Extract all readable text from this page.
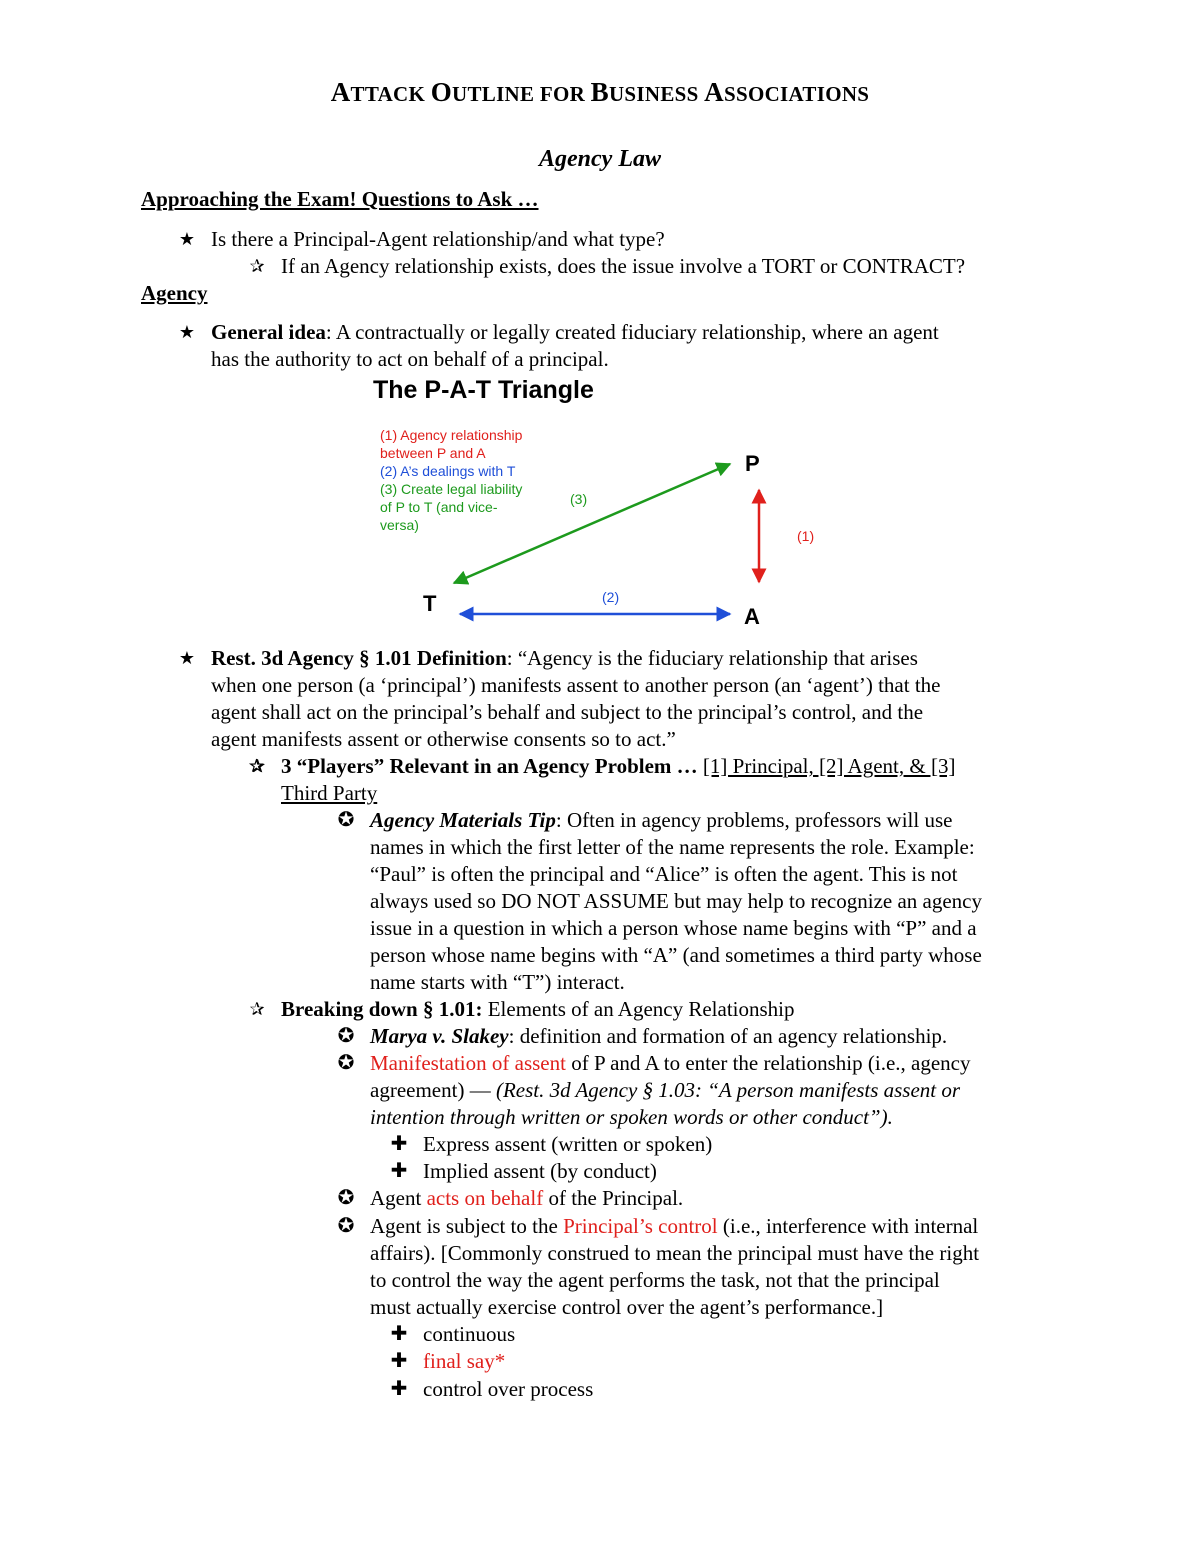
ATTACK OUTLINE FOR BUSINESS ASSOCIATIONS
Agency Law
Approaching the Exam! Questions to Ask …
★ Is there a Principal-Agent relationship/and what type?
✰ If an Agency relationship exists, does the issue involve a TORT or CONTRACT?
Agency
★ General idea: A contractually or legally created fiduciary relationship, where an agent
has the authority to act on behalf of a principal.
The P-A-T Triangle
(1) Agency relationship
between P and A
(2) A’s dealings with T
(3) Create legal liability
of P to T (and vice-
versa)
P
A
T
(1)
(2)
(3)
★ Rest. 3d Agency § 1.01 Definition: “Agency is the fiduciary relationship that arises
when one person (a ‘principal’) manifests assent to another person (an ‘agent’) that the
agent shall act on the principal’s behalf and subject to the principal’s control, and the
agent manifests assent or otherwise consents so to act.”
✰ 3 “Players” Relevant in an Agency Problem … [1] Principal, [2] Agent, & [3]
Third Party
✪ Agency Materials Tip: Often in agency problems, professors will use
names in which the first letter of the name represents the role. Example:
“Paul” is often the principal and “Alice” is often the agent. This is not
always used so DO NOT ASSUME but may help to recognize an agency
issue in a question in which a person whose name begins with “P” and a
person whose name begins with “A” (and sometimes a third party whose
name starts with “T”) interact.
✰ Breaking down § 1.01: Elements of an Agency Relationship
✪ Marya v. Slakey: definition and formation of an agency relationship.
✪ Manifestation of assent of P and A to enter the relationship (i.e., agency
agreement) — (Rest. 3d Agency § 1.03: “A person manifests assent or
intention through written or spoken words or other conduct”).
✚ Express assent (written or spoken)
✚ Implied assent (by conduct)
✪ Agent acts on behalf of the Principal.
✪ Agent is subject to the Principal’s control (i.e., interference with internal
affairs). [Commonly construed to mean the principal must have the right
to control the way the agent performs the task, not that the principal
must actually exercise control over the agent’s performance.]
✚ continuous
✚ final say*
✚ control over process
